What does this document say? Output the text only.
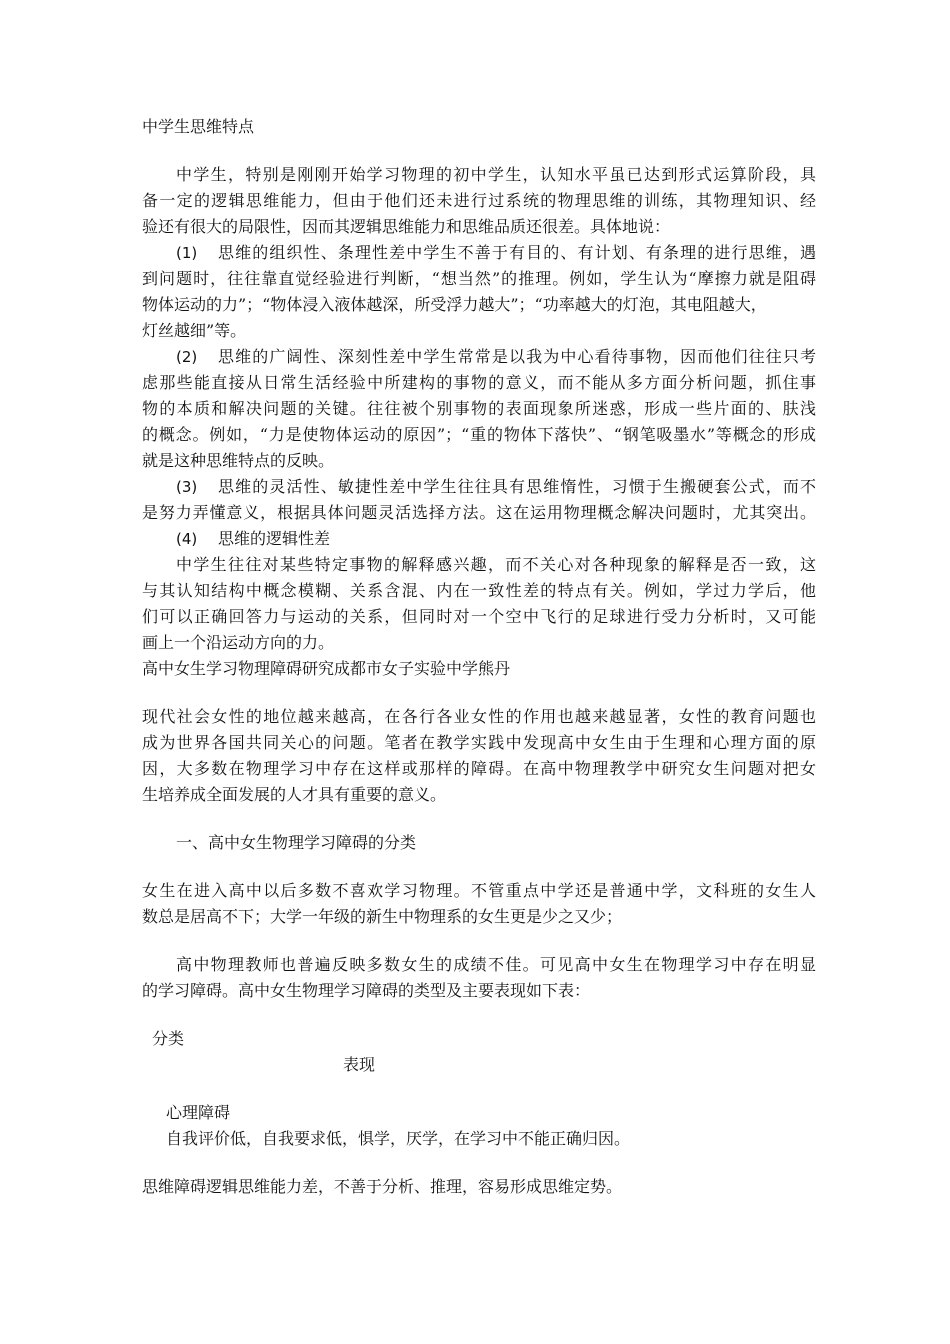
中学生思维特点
中学生，特别是刚刚开始学习物理的初中学生，认知水平虽已达到形式运算阶段，具
备一定的逻辑思维能力，但由于他们还未进行过系统的物理思维的训练，其物理知识、经
验还有很大的局限性，因而其逻辑思维能力和思维品质还很差。具体地说：
(1) 思维的组织性、条理性差中学生不善于有目的、有计划、有条理的进行思维，遇
到问题时，往往靠直觉经验进行判断，“想当然”的推理。例如，学生认为“摩擦力就是阻碍
物体运动的力”；“物体浸入液体越深，所受浮力越大”；“功率越大的灯泡，其电阻越大，
灯丝越细”等。
(2) 思维的广阔性、深刻性差中学生常常是以我为中心看待事物，因而他们往往只考
虑那些能直接从日常生活经验中所建构的事物的意义，而不能从多方面分析问题，抓住事
物的本质和解决问题的关键。往往被个别事物的表面现象所迷惑，形成一些片面的、肤浅
的概念。例如，“力是使物体运动的原因”；“重的物体下落快”、“钢笔吸墨水”等概念的形成
就是这种思维特点的反映。
(3) 思维的灵活性、敏捷性差中学生往往具有思维惰性，习惯于生搬硬套公式，而不
是努力弄懂意义，根据具体问题灵活选择方法。这在运用物理概念解决问题时，尤其突出。
(4) 思维的逻辑性差
中学生往往对某些特定事物的解释感兴趣，而不关心对各种现象的解释是否一致，这
与其认知结构中概念模糊、关系含混、内在一致性差的特点有关。例如，学过力学后，他
们可以正确回答力与运动的关系，但同时对一个空中飞行的足球进行受力分析时，又可能
画上一个沿运动方向的力。
高中女生学习物理障碍研究成都市女子实验中学熊丹
现代社会女性的地位越来越高，在各行各业女性的作用也越来越显著，女性的教育问题也
成为世界各国共同关心的问题。笔者在教学实践中发现高中女生由于生理和心理方面的原
因，大多数在物理学习中存在这样或那样的障碍。在高中物理教学中研究女生问题对把女
生培养成全面发展的人才具有重要的意义。
一、高中女生物理学习障碍的分类
女生在进入高中以后多数不喜欢学习物理。不管重点中学还是普通中学，文科班的女生人
数总是居高不下；大学一年级的新生中物理系的女生更是少之又少；
高中物理教师也普遍反映多数女生的成绩不佳。可见高中女生在物理学习中存在明显
的学习障碍。高中女生物理学习障碍的类型及主要表现如下表：
分类
表现
心理障碍
自我评价低，自我要求低，惧学，厌学，在学习中不能正确归因。
思维障碍逻辑思维能力差，不善于分析、推理，容易形成思维定势。
